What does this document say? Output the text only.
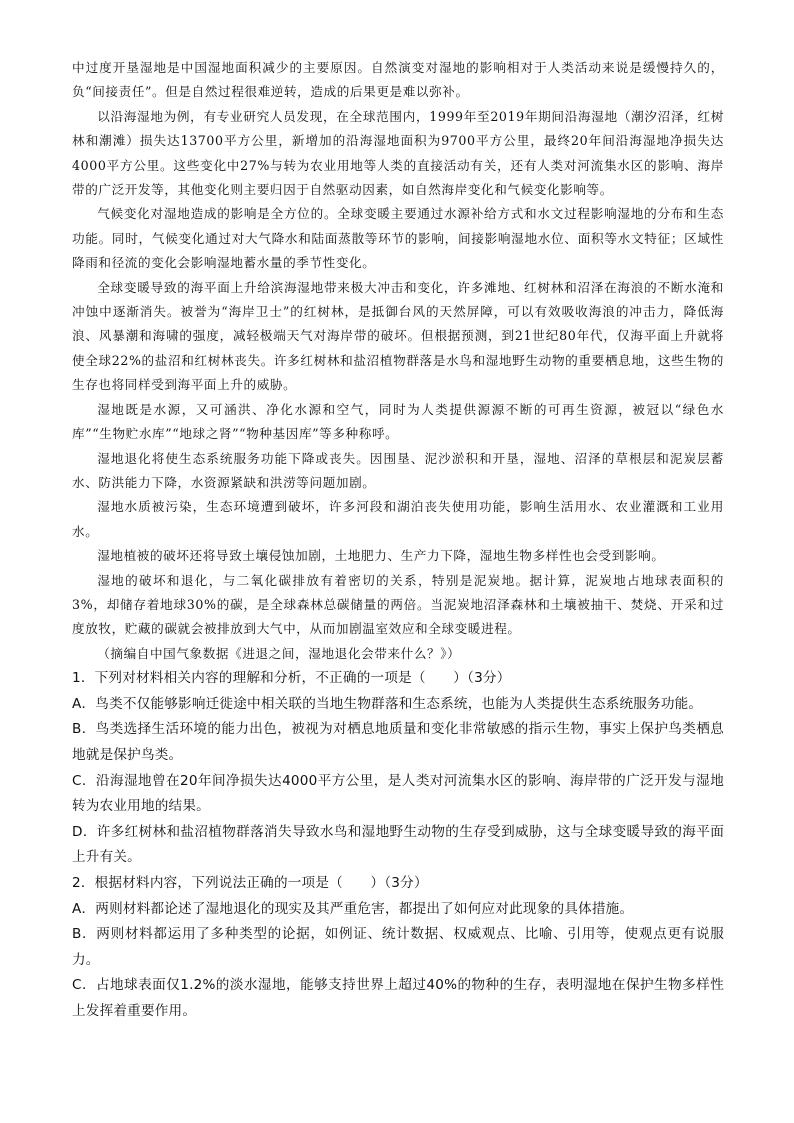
中过度开垦湿地是中国湿地面积减少的主要原因。自然演变对湿地的影响相对于人类活动来说是缓慢持久的，负“间接责任”。但是自然过程很难逆转，造成的后果更是难以弥补。

以沿海湿地为例，有专业研究人员发现，在全球范围内，1999年至2019年期间沿海湿地（潮汐沼泽，红树林和潮滩）损失达13700平方公里，新增加的沿海湿地面积为9700平方公里，最终20年间沿海湿地净损失达4000平方公里。这些变化中27%与转为农业用地等人类的直接活动有关，还有人类对河流集水区的影响、海岸带的广泛开发等，其他变化则主要归因于自然驱动因素，如自然海岸变化和气候变化影响等。

气候变化对湿地造成的影响是全方位的。全球变暖主要通过水源补给方式和水文过程影响湿地的分布和生态功能。同时，气候变化通过对大气降水和陆面蒸散等环节的影响，间接影响湿地水位、面积等水文特征；区域性降雨和径流的变化会影响湿地蓄水量的季节性变化。

全球变暖导致的海平面上升给滨海湿地带来极大冲击和变化，许多滩地、红树林和沼泽在海浪的不断水淹和冲蚀中逐渐消失。被誉为“海岸卫士”的红树林，是抵御台风的天然屏障，可以有效吸收海浪的冲击力，降低海浪、风暴潮和海啸的强度，减轻极端天气对海岸带的破坏。但根据预测，到21世纪80年代，仅海平面上升就将使全球22%的盐沼和红树林丧失。许多红树林和盐沼植物群落是水鸟和湿地野生动物的重要栖息地，这些生物的生存也将同样受到海平面上升的威胁。

湿地既是水源，又可涵洪、净化水源和空气，同时为人类提供源源不断的可再生资源，被冠以“绿色水库”“生物贮水库”“地球之肾”“物种基因库”等多种称呼。

湿地退化将使生态系统服务功能下降或丧失。因围垦、泥沙淤积和开垦，湿地、沼泽的草根层和泥炭层蓄水、防洪能力下降，水资源紧缺和洪涝等问题加剧。

湿地水质被污染，生态环境遭到破坏，许多河段和湖泊丧失使用功能，影响生活用水、农业灌溉和工业用水。

湿地植被的破坏还将导致土壤侵蚀加剧，土地肥力、生产力下降，湿地生物多样性也会受到影响。

湿地的破坏和退化，与二氧化碳排放有着密切的关系，特别是泥炭地。据计算，泥炭地占地球表面积的3%，却储存着地球30%的碳，是全球森林总碳储量的两倍。当泥炭地沼泽森林和土壤被抽干、焚烧、开采和过度放牧，贮藏的碳就会被排放到大气中，从而加剧温室效应和全球变暖进程。

（摘编自中国气象数据《进退之间，湿地退化会带来什么？》）

1．下列对材料相关内容的理解和分析，不正确的一项是（　　）（3分）

A．鸟类不仅能够影响迁徙途中相关联的当地生物群落和生态系统，也能为人类提供生态系统服务功能。

B．鸟类选择生活环境的能力出色，被视为对栖息地质量和变化非常敏感的指示生物，事实上保护鸟类栖息地就是保护鸟类。

C．沿海湿地曾在20年间净损失达4000平方公里，是人类对河流集水区的影响、海岸带的广泛开发与湿地转为农业用地的结果。

D．许多红树林和盐沼植物群落消失导致水鸟和湿地野生动物的生存受到威胁，这与全球变暖导致的海平面上升有关。

2．根据材料内容，下列说法正确的一项是（　　）（3分）

A．两则材料都论述了湿地退化的现实及其严重危害，都提出了如何应对此现象的具体措施。

B．两则材料都运用了多种类型的论据，如例证、统计数据、权威观点、比喻、引用等，使观点更有说服力。

C．占地球表面仅1.2%的淡水湿地，能够支持世界上超过40%的物种的生存，表明湿地在保护生物多样性上发挥着重要作用。
